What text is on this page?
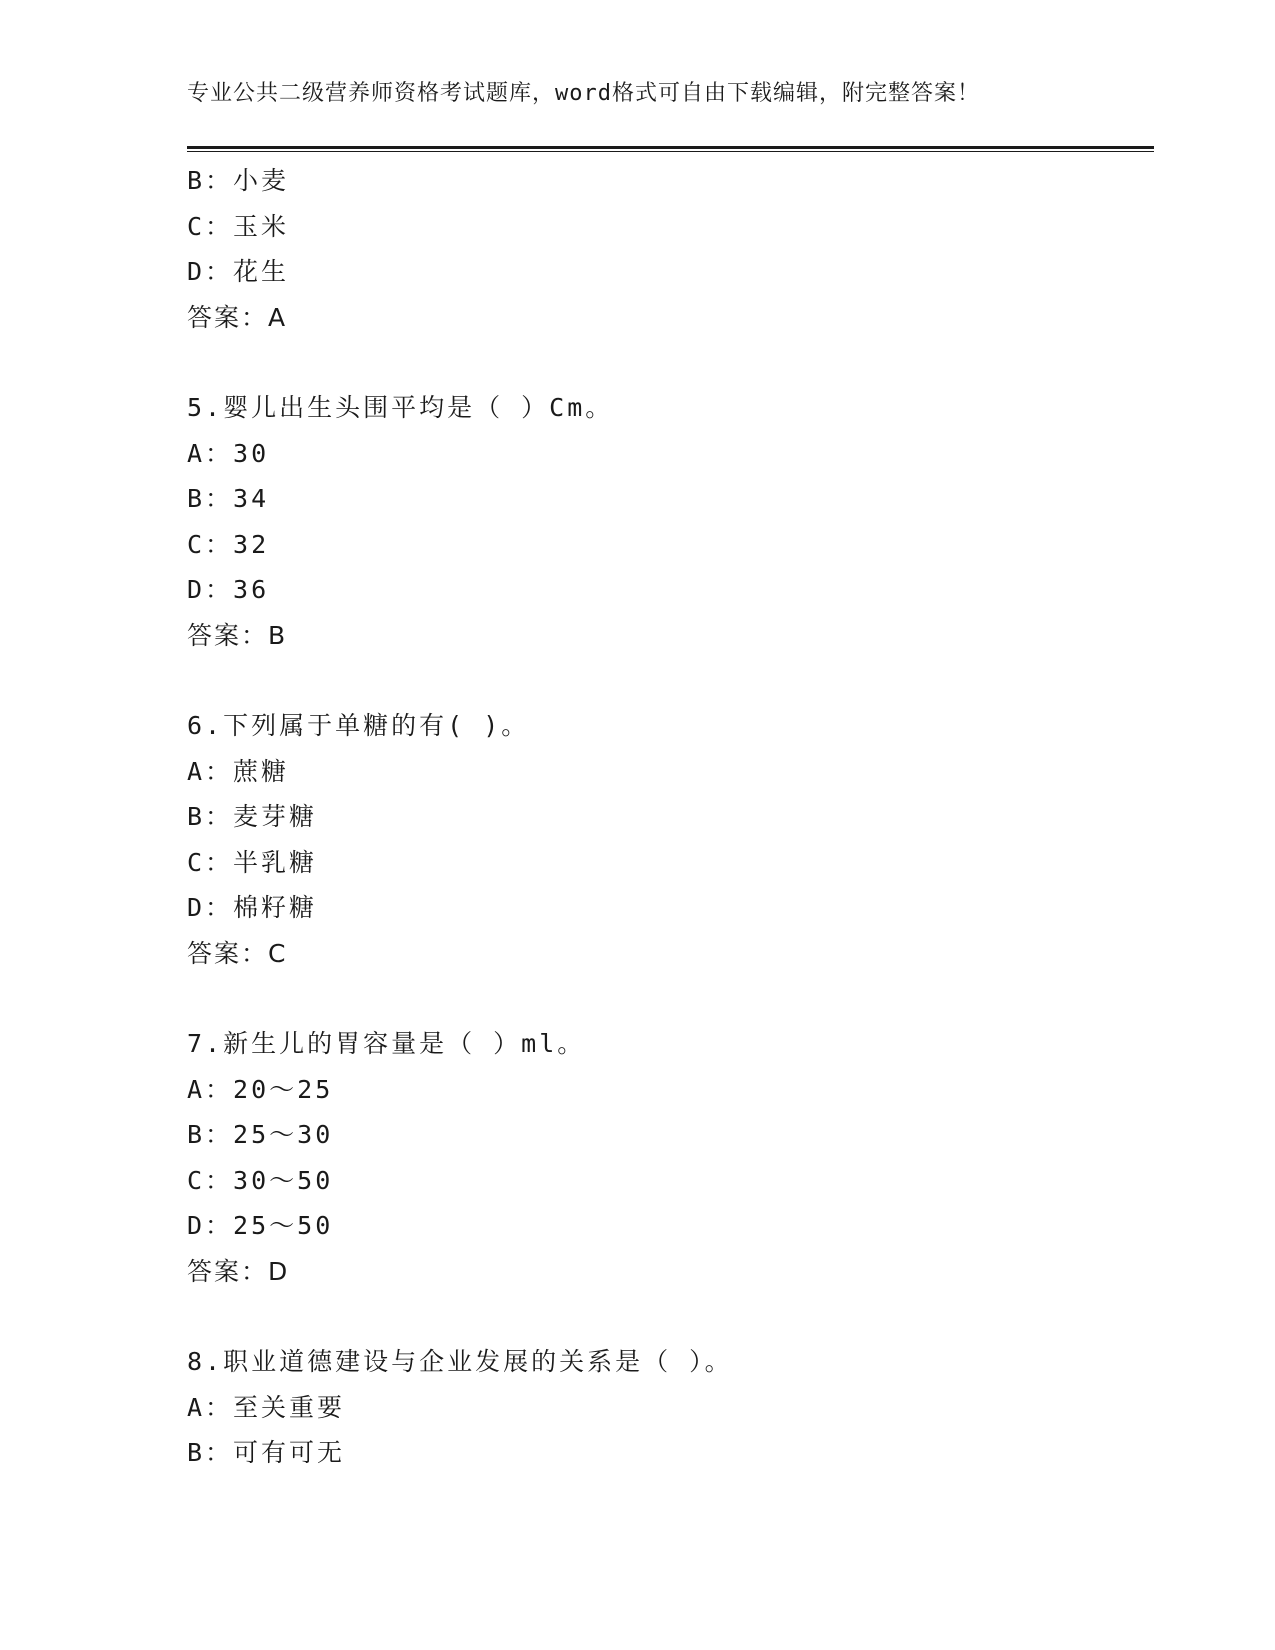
专业公共二级营养师资格考试题库，word格式可自由下载编辑，附完整答案！
B：小麦
C：玉米
D：花生
答案：A
5.婴儿出生头围平均是（ ）Cm。
A：30
B：34
C：32
D：36
答案：B
6.下列属于单糖的有( )。
A：蔗糖
B：麦芽糖
C：半乳糖
D：棉籽糖
答案：C
7.新生儿的胃容量是（ ）ml。
A：20～25
B：25～30
C：30～50
D：25～50
答案：D
8.职业道德建设与企业发展的关系是（ ）。
A：至关重要
B：可有可无
